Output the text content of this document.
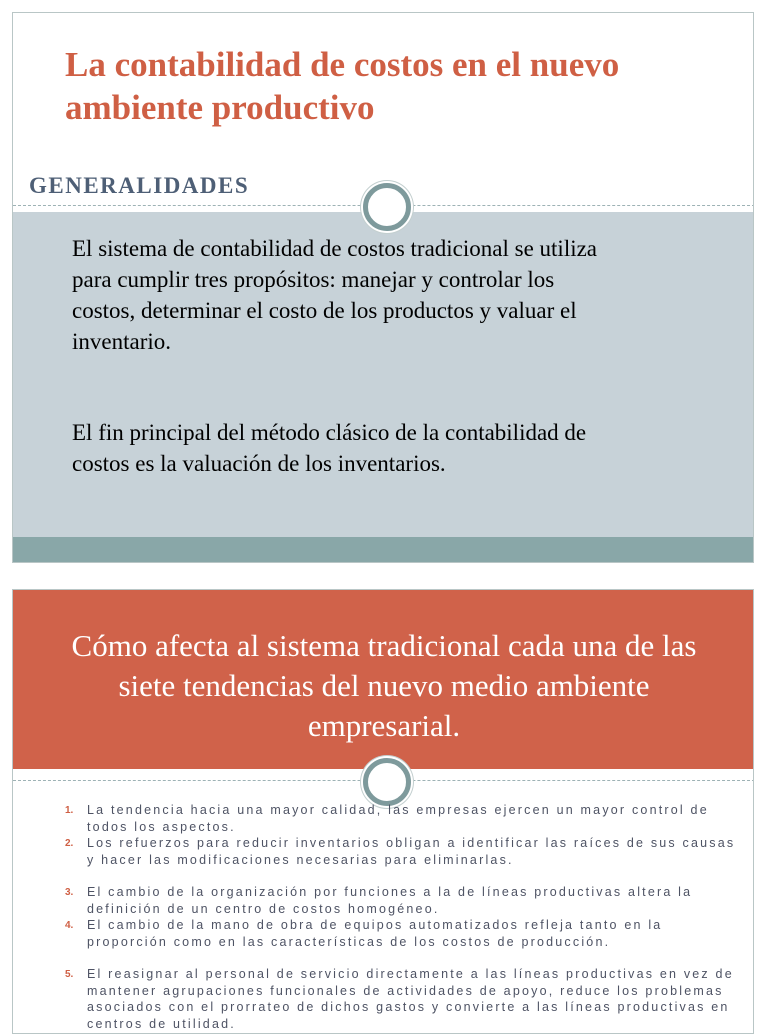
La contabilidad de costos en el nuevo ambiente productivo
GENERALIDADES
El sistema de contabilidad de costos tradicional se utiliza para cumplir tres propósitos: manejar y controlar los costos, determinar el costo de los productos y valuar el inventario.
El fin principal del método clásico de la contabilidad de costos es la valuación de los inventarios.
Cómo afecta al sistema tradicional cada una de las siete tendencias del nuevo medio ambiente empresarial.
1. La tendencia hacia una mayor calidad, las empresas ejercen un mayor control de todos los aspectos.
2. Los refuerzos para reducir inventarios obligan a identificar las raíces de sus causas y hacer las modificaciones necesarias para eliminarlas.
3. El cambio de la organización por funciones a la de líneas productivas altera la definición de un centro de costos homogéneo.
4. El cambio de la mano de obra de equipos automatizados refleja tanto en la proporción como en las características de los costos de producción.
5. El reasignar al personal de servicio directamente a las líneas productivas en vez de mantener agrupaciones funcionales de actividades de apoyo, reduce los problemas asociados con el prorrateo de dichos gastos y convierte a las líneas productivas en centros de utilidad.
